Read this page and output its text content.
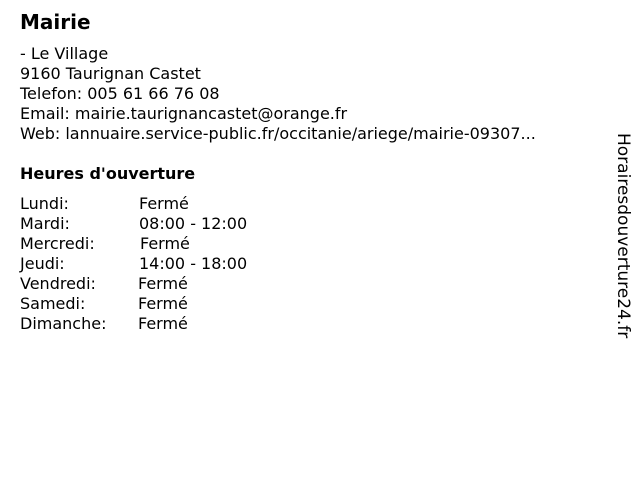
Mairie
- Le Village
9160 Taurignan Castet
Telefon: 005 61 66 76 08
Email: mairie.taurignancastet@orange.fr
Web: lannuaire.service-public.fr/occitanie/ariege/mairie-09307...
Heures d'ouverture
Lundi:	Fermé
Mardi:	08:00 - 12:00
Mercredi:	Fermé
Jeudi:	14:00 - 18:00
Vendredi:	Fermé
Samedi:	Fermé
Dimanche: Fermé	Horairesdouverture24.fr
